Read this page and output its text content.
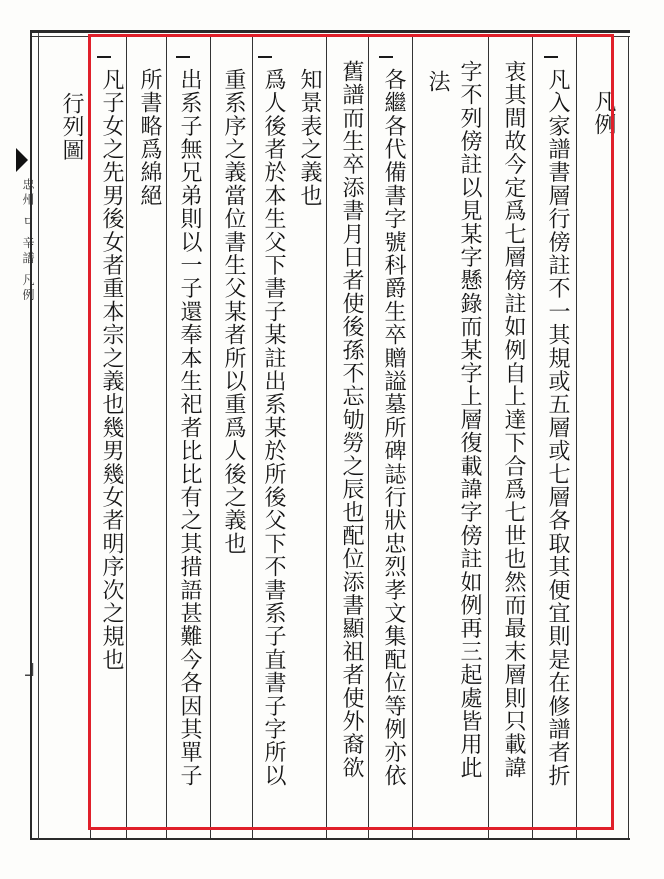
忠州 ㅁ 辛譜 凡例
ᒧ
凡例
凡入家譜書層行傍註不一其規或五層或七層各取其便宜則是在修譜者折
衷其間故今定爲七層傍註如例自上達下合爲七世也然而最末層則只載諱
字不列傍註以見某字懸錄而某字上層復載諱字傍註如例再三起處皆用此
法
各繼各代備書字號科爵生卒贈謚墓所碑誌行狀忠烈孝文集配位等例亦依
舊譜而生卒添書月日者使後孫不忘劬勞之辰也配位添書顯祖者使外裔欲
知景表之義也
爲人後者於本生父下書子某註出系某於所後父下不書系子直書子字所以
重系序之義當位書生父某者所以重爲人後之義也
出系子無兄弟則以一子還奉本生祀者比比有之其措語甚難今各因其單子
所書略爲綿絕
凡子女之先男後女者重本宗之義也幾男幾女者明序次之規也
行列圖
